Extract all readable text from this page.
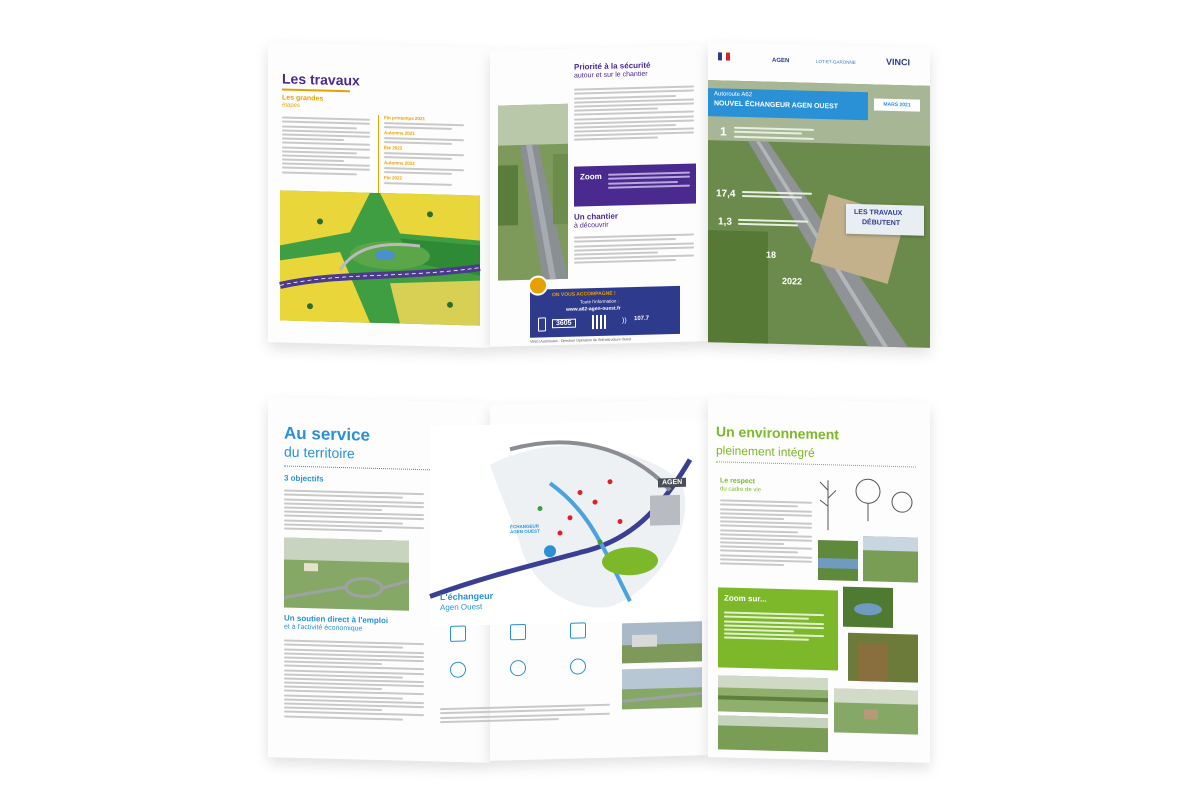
Les travaux
Les grandes
étapes
Fin printemps 2021
Automne 2021
Été 2022
Automne 2022
Fin 2022
Priorité à la sécurité
autour et sur le chantier
Zoom
Un chantier
à découvrir
ON VOUS ACCOMPAGNE !
Toute l'information :
www.a62-agen-ouest.fr
3605	)) 107.7
VINCI Autoroutes - Direction Opération de l'Infrastructure Ouest
AGEN	LOT-ET-GARONNE	VINCI
Autoroute A62
NOUVEL ÉCHANGEUR AGEN OUEST	MARS 2021
1
17,4
1,3
18
2022
LES TRAVAUX
DÉBUTENT
Au service
du territoire
3 objectifs
Un soutien direct à l'emploi
et à l'activité économique
AGEN
ÉCHANGEUR AGEN OUEST
L'échangeur
Agen Ouest
Un environnement
pleinement intégré
Le respect
du cadre de vie
Zoom sur...
